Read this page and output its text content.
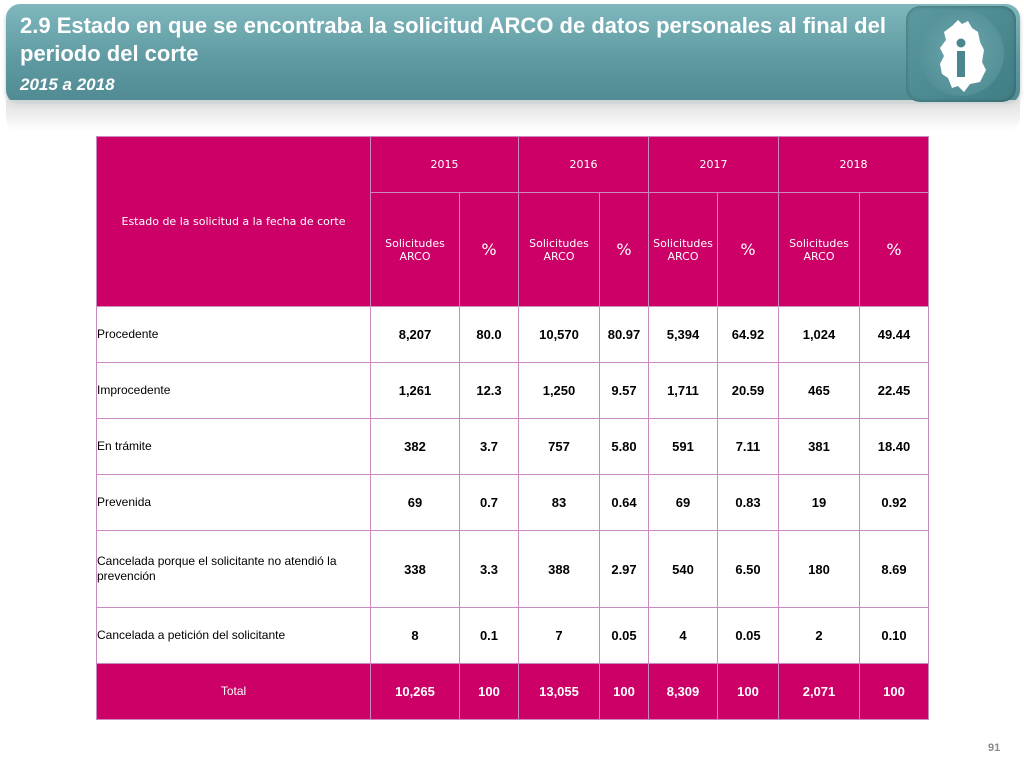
2.9 Estado en que se encontraba la solicitud ARCO de datos personales al final del periodo del corte
2015 a 2018
Estado de la solicitud a la fecha de corte	2015		2016		2017		2018	
	Solicitudes ARCO	%	Solicitudes ARCO	%	Solicitudes ARCO	%	Solicitudes ARCO	%
Procedente	8,207	80.0	10,570	80.97	5,394	64.92	1,024	49.44
Improcedente	1,261	12.3	1,250	9.57	1,711	20.59	465	22.45
En trámite	382	3.7	757	5.80	591	7.11	381	18.40
Prevenida	69	0.7	83	0.64	69	0.83	19	0.92
Cancelada porque el solicitante no atendió la prevención	338	3.3	388	2.97	540	6.50	180	8.69
Cancelada a petición del solicitante	8	0.1	7	0.05	4	0.05	2	0.10
Total	10,265	100	13,055	100	8,309	100	2,071	100
91
